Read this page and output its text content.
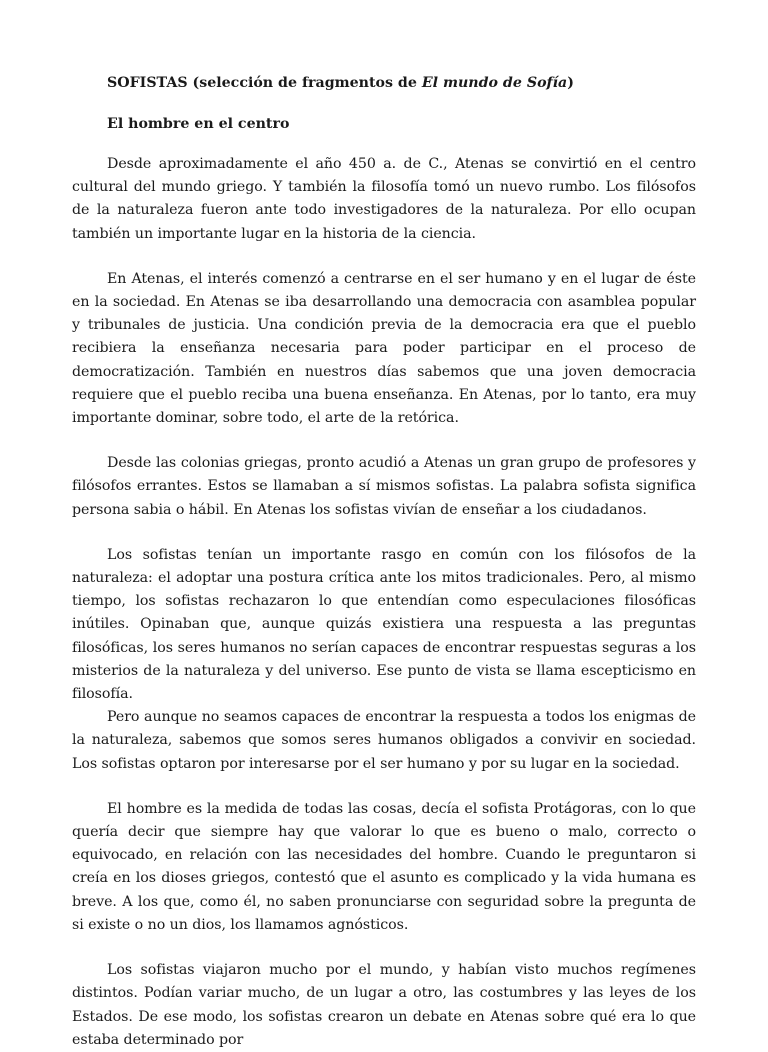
SOFISTAS (selección de fragmentos de El mundo de Sofía)

El hombre en el centro

Desde aproximadamente el año 450 a. de C., Atenas se convirtió en el centro cultural del mundo griego. Y también la filosofía tomó un nuevo rumbo. Los filósofos de la naturaleza fueron ante todo investigadores de la naturaleza. Por ello ocupan también un importante lugar en la historia de la ciencia.

En Atenas, el interés comenzó a centrarse en el ser humano y en el lugar de éste en la sociedad. En Atenas se iba desarrollando una democracia con asamblea popular y tribunales de justicia. Una condición previa de la democracia era que el pueblo recibiera la enseñanza necesaria para poder participar en el proceso de democratización. También en nuestros días sabemos que una joven democracia requiere que el pueblo reciba una buena enseñanza. En Atenas, por lo tanto, era muy importante dominar, sobre todo, el arte de la retórica.

Desde las colonias griegas, pronto acudió a Atenas un gran grupo de profesores y filósofos errantes. Estos se llamaban a sí mismos sofistas. La palabra sofista significa persona sabia o hábil. En Atenas los sofistas vivían de enseñar a los ciudadanos.

Los sofistas tenían un importante rasgo en común con los filósofos de la naturaleza: el adoptar una postura crítica ante los mitos tradicionales. Pero, al mismo tiempo, los sofistas rechazaron lo que entendían como especulaciones filosóficas inútiles. Opinaban que, aunque quizás existiera una respuesta a las preguntas filosóficas, los seres humanos no serían capaces de encontrar respuestas seguras a los misterios de la naturaleza y del universo. Ese punto de vista se llama escepticismo en filosofía.

Pero aunque no seamos capaces de encontrar la respuesta a todos los enigmas de la naturaleza, sabemos que somos seres humanos obligados a convivir en sociedad. Los sofistas optaron por interesarse por el ser humano y por su lugar en la sociedad.

El hombre es la medida de todas las cosas, decía el sofista Protágoras, con lo que quería decir que siempre hay que valorar lo que es bueno o malo, correcto o equivocado, en relación con las necesidades del hombre. Cuando le preguntaron si creía en los dioses griegos, contestó que el asunto es complicado y la vida humana es breve. A los que, como él, no saben pronunciarse con seguridad sobre la pregunta de si existe o no un dios, los llamamos agnósticos.

Los sofistas viajaron mucho por el mundo, y habían visto muchos regímenes distintos. Podían variar mucho, de un lugar a otro, las costumbres y las leyes de los Estados. De ese modo, los sofistas crearon un debate en Atenas sobre qué era lo que estaba determinado por
